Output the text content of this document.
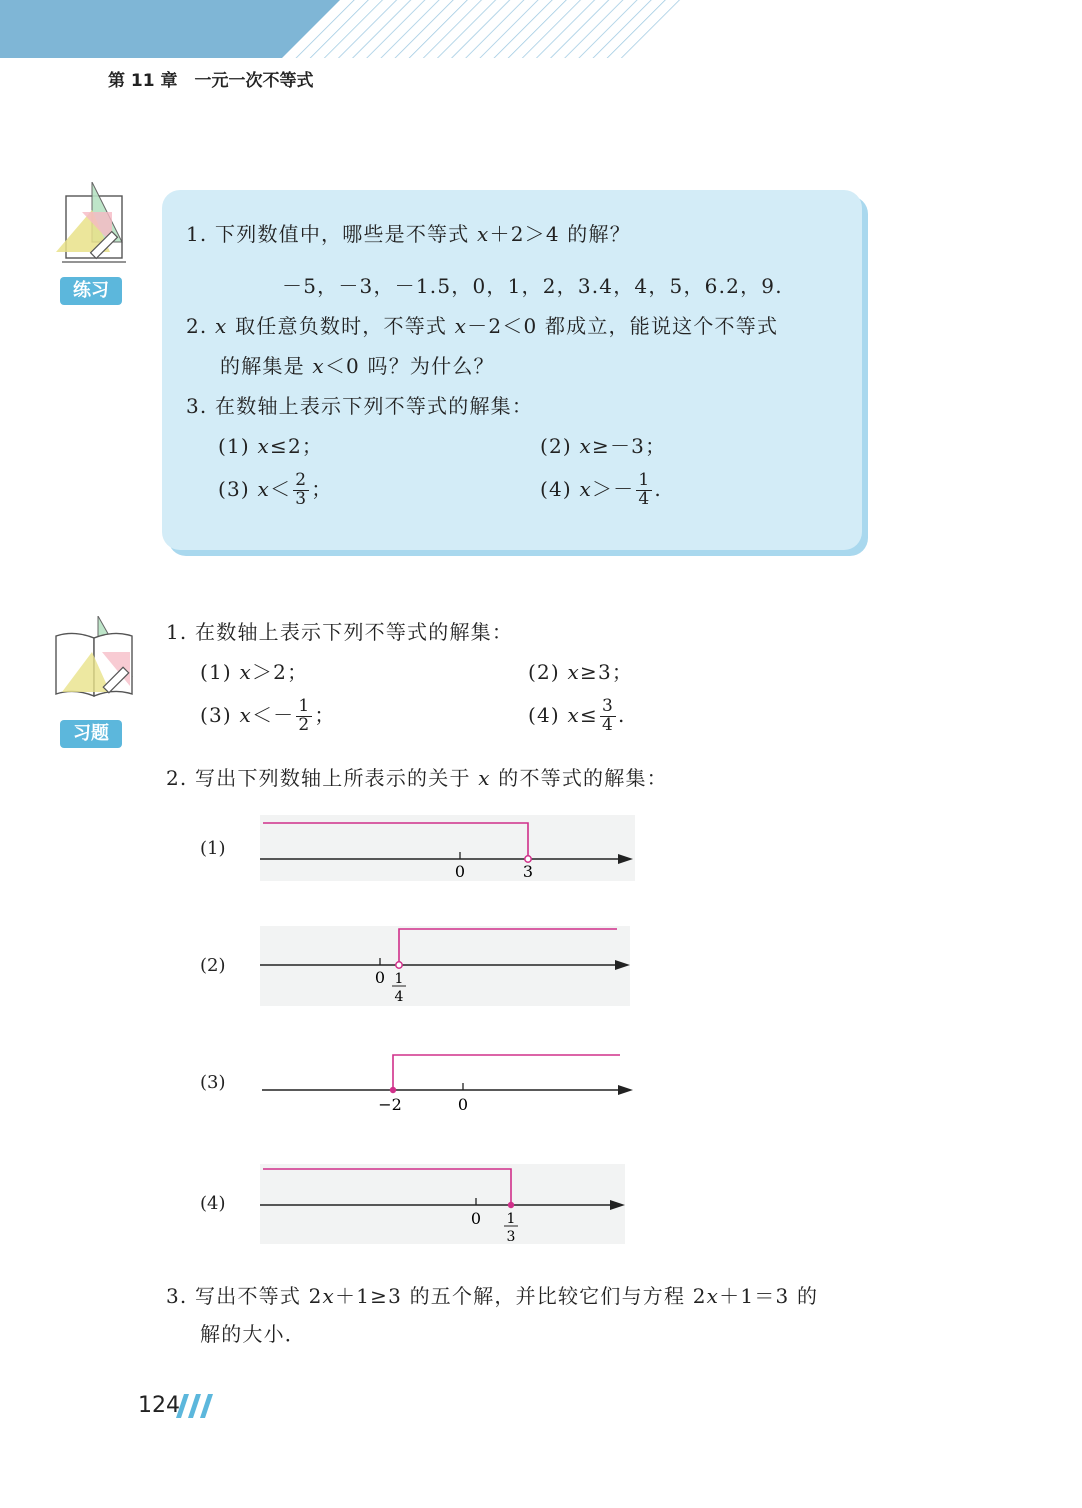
第 11 章　一元一次不等式
练习
1. 下列数值中，哪些是不等式 x＋2＞4 的解？
－5，－3，－1.5，0，1，2，3.4，4，5，6.2，9.
2. x 取任意负数时，不等式 x－2＜0 都成立，能说这个不等式
的解集是 x＜0 吗？为什么？
3. 在数轴上表示下列不等式的解集：
(1) x≤2；	(2) x≥－3；
(3) $x< \frac{2}{3}$ ；	(4) $x>- \frac{1}{4}$ .
习题
1. 在数轴上表示下列不等式的解集：
(1) x＞2；	(2) x≥3；
(3) $x<- \frac{1}{2}$ ；	(4) $x\le \frac{3}{4}$ .
2. 写出下列数轴上所表示的关于 x 的不等式的解集：
(1)
0	3
(2)
0 1
4
(3)
−2	0
(4)
0 1
3
3. 写出不等式 2x＋1≥3 的五个解，并比较它们与方程 2x＋1＝3 的
解的大小．
124
